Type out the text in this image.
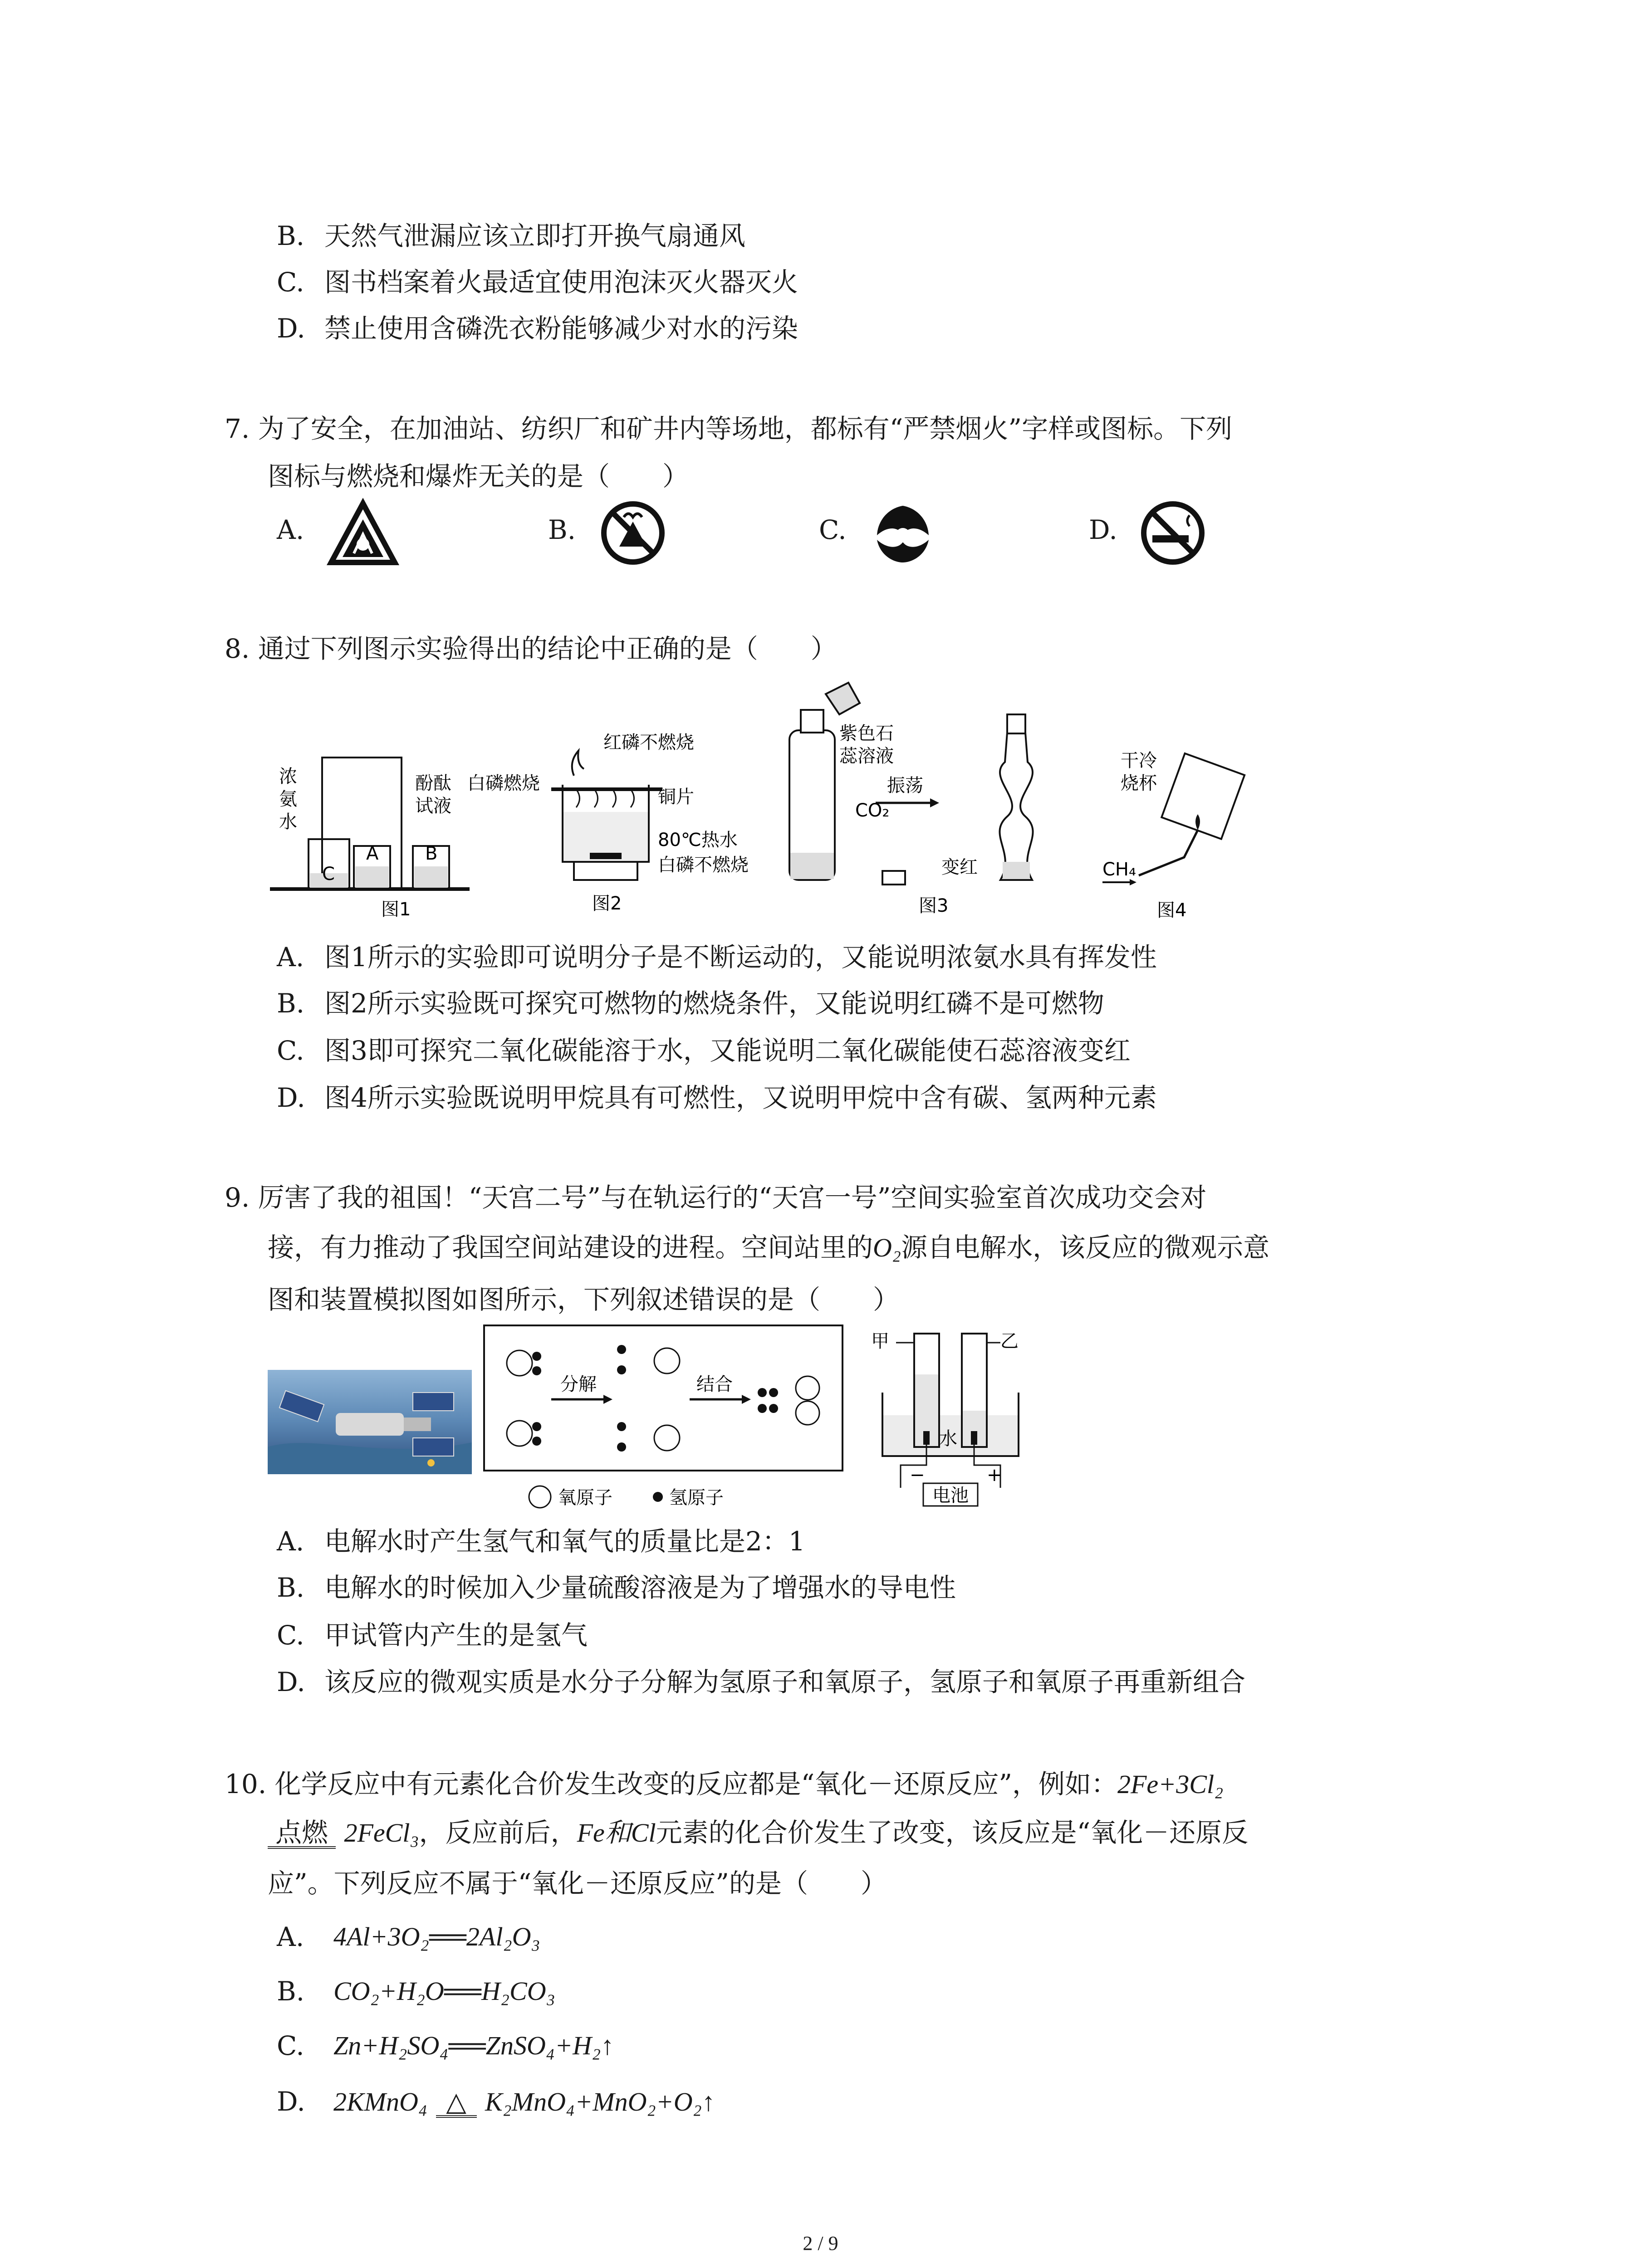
B. 天然气泄漏应该立即打开换气扇通风
C. 图书档案着火最适宜使用泡沫灭火器灭火
D. 禁止使用含磷洗衣粉能够减少对水的污染
7. 为了安全，在加油站、纺织厂和矿井内等场地，都标有“严禁烟火”字样或图标。下列
图标与燃烧和爆炸无关的是（　　）
A.	B.	C.	D.
8. 通过下列图示实验得出的结论中正确的是（　　）
浓
氨
水
酚酞
试液
C
A	B
图1
白磷燃烧
红磷不燃烧
铜片
80℃热水
白磷不燃烧
图2
紫色石
蕊溶液
CO₂
振荡
变红
图3
干冷
烧杯
CH₄
图4
A. 图1所示的实验即可说明分子是不断运动的，又能说明浓氨水具有挥发性
B. 图2所示实验既可探究可燃物的燃烧条件，又能说明红磷不是可燃物
C. 图3即可探究二氧化碳能溶于水，又能说明二氧化碳能使石蕊溶液变红
D. 图4所示实验既说明甲烷具有可燃性，又说明甲烷中含有碳、氢两种元素
9. 厉害了我的祖国！“天宫二号”与在轨运行的“天宫一号”空间实验室首次成功交会对
接，有力推动了我国空间站建设的进程。空间站里的O₂源自电解水，该反应的微观示意
图和装置模拟图如图所示，下列叙述错误的是（　　）
分解	结合
氧原子	氢原子
甲	乙
水
电池
−	+
A. 电解水时产生氢气和氧气的质量比是2：1
B. 电解水的时候加入少量硫酸溶液是为了增强水的导电性
C. 甲试管内产生的是氢气
D. 该反应的微观实质是水分子分解为氢原子和氧原子，氢原子和氧原子再重新组合
10. 化学反应中有元素化合价发生改变的反应都是“氧化－还原反应”，例如：2Fe+3Cl₂
点燃 2FeCl₃，反应前后，Fe和Cl元素的化合价发生了改变，该反应是“氧化－还原反
应”。下列反应不属于“氧化－还原反应”的是（　　）
A. 4Al+3O₂══2Al₂O₃
B. CO₂+H₂O══H₂CO₃
C. Zn+H₂SO₄══ZnSO₄+H₂↑
D. 2KMnO₄ △ K₂MnO₄+MnO₂+O₂↑
2 / 9
